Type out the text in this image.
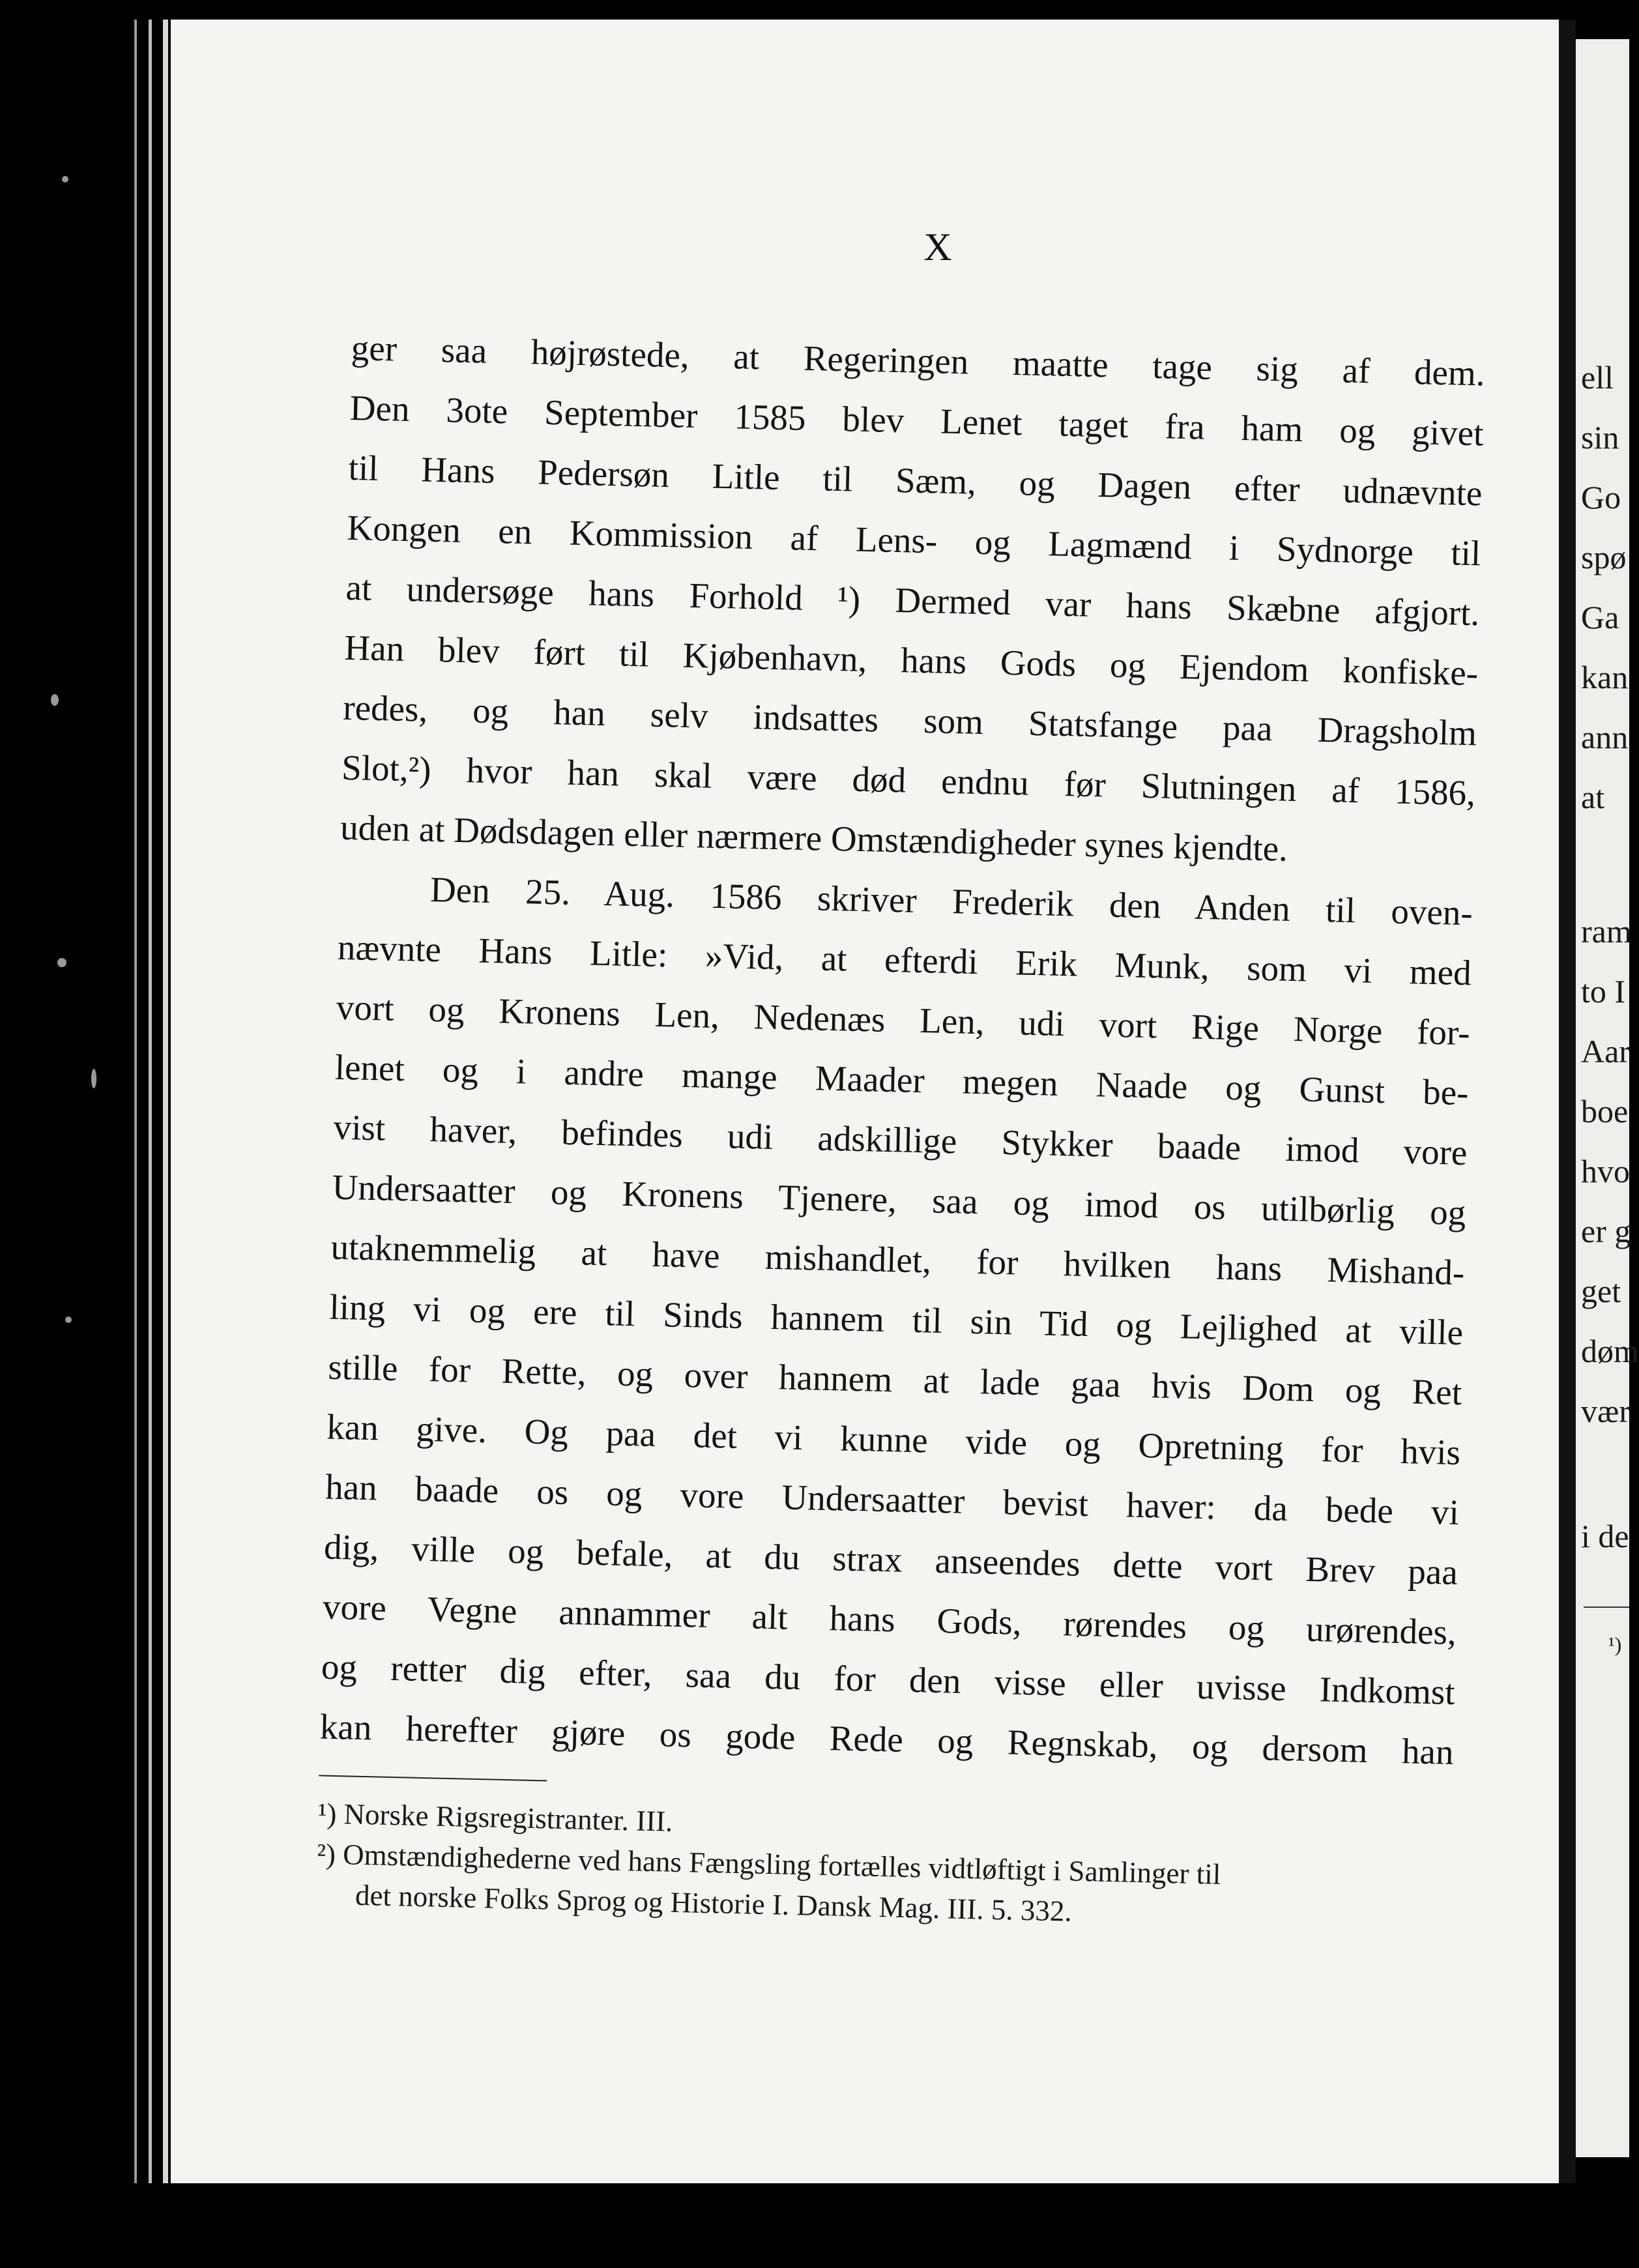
ell
sin
Go
spø
Ga
kan
ann
at
ram
to I
Aar
boe
hvo
er g
get
døm
vær
i de
¹)
X
ger saa højrøstede, at Regeringen maatte tage sig af dem.
Den 3ote September 1585 blev Lenet taget fra ham og givet
til Hans Pedersøn Litle til Sæm, og Dagen efter udnævnte
Kongen en Kommission af Lens- og Lagmænd i Sydnorge til
at undersøge hans Forhold ¹) Dermed var hans Skæbne afgjort.
Han blev ført til Kjøbenhavn, hans Gods og Ejendom konfiske-
redes, og han selv indsattes som Statsfange paa Dragsholm
Slot,²) hvor han skal være død endnu før Slutningen af 1586,
uden at Dødsdagen eller nærmere Omstændigheder synes kjendte.
Den 25. Aug. 1586 skriver Frederik den Anden til oven-
nævnte Hans Litle: »Vid, at efterdi Erik Munk, som vi med
vort og Kronens Len, Nedenæs Len, udi vort Rige Norge for-
lenet og i andre mange Maader megen Naade og Gunst be-
vist haver, befindes udi adskillige Stykker baade imod vore
Undersaatter og Kronens Tjenere, saa og imod os utilbørlig og
utaknemmelig at have mishandlet, for hvilken hans Mishand-
ling vi og ere til Sinds hannem til sin Tid og Lejlighed at ville
stille for Rette, og over hannem at lade gaa hvis Dom og Ret
kan give. Og paa det vi kunne vide og Opretning for hvis
han baade os og vore Undersaatter bevist haver: da bede vi
dig, ville og befale, at du strax anseendes dette vort Brev paa
vore Vegne annammer alt hans Gods, rørendes og urørendes,
og retter dig efter, saa du for den visse eller uvisse Indkomst
kan herefter gjøre os gode Rede og Regnskab, og dersom han
¹) Norske Rigsregistranter. III.
²) Omstændighederne ved hans Fængsling fortælles vidtløftigt i Samlinger til
det norske Folks Sprog og Historie I. Dansk Mag. III. 5. 332.
